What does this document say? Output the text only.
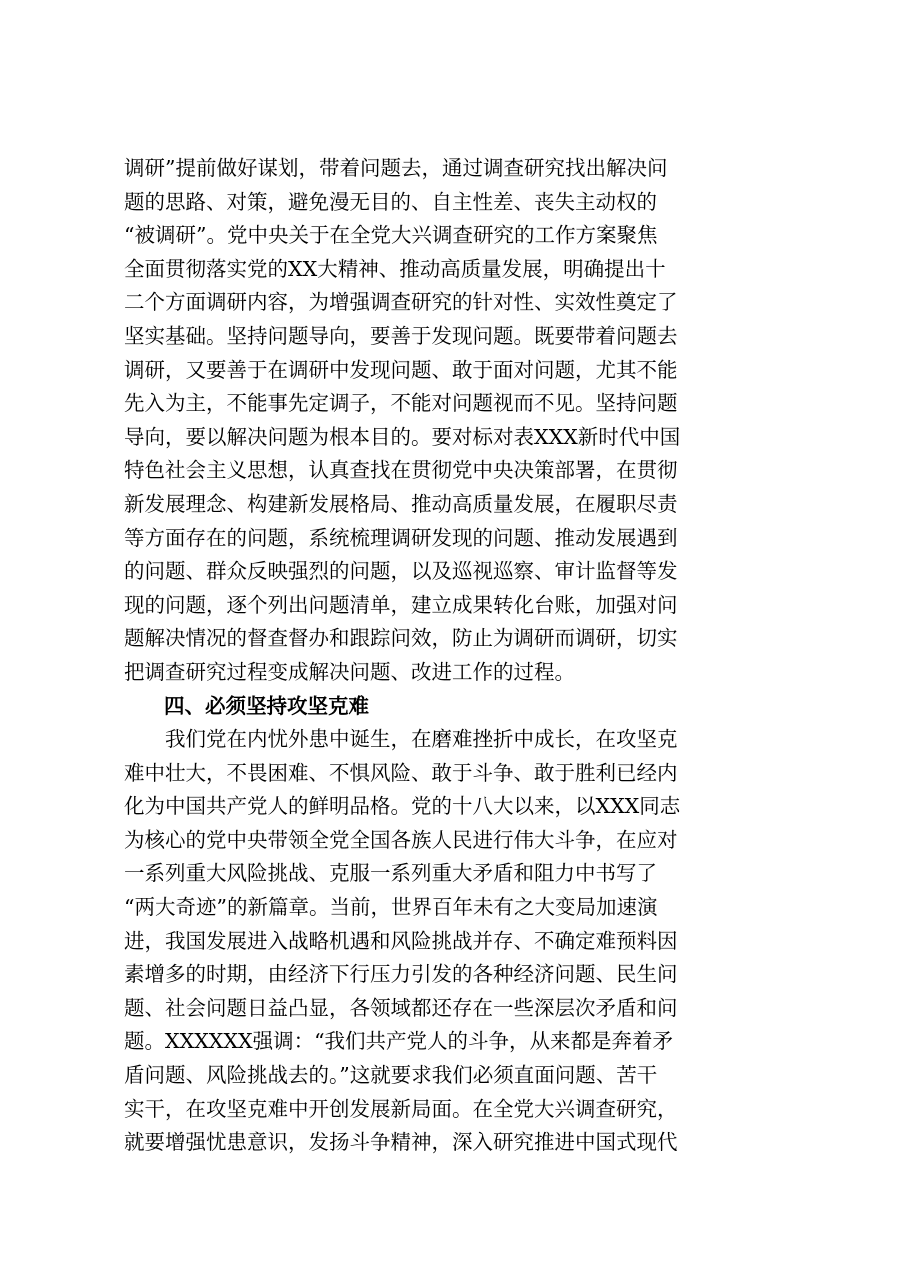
调研”提前做好谋划，带着问题去，通过调查研究找出解决问
题的思路、对策，避免漫无目的、自主性差、丧失主动权的
“被调研”。党中央关于在全党大兴调查研究的工作方案聚焦
全面贯彻落实党的XX大精神、推动高质量发展，明确提出十
二个方面调研内容，为增强调查研究的针对性、实效性奠定了
坚实基础。坚持问题导向，要善于发现问题。既要带着问题去
调研，又要善于在调研中发现问题、敢于面对问题，尤其不能
先入为主，不能事先定调子，不能对问题视而不见。坚持问题
导向，要以解决问题为根本目的。要对标对表XXX新时代中国
特色社会主义思想，认真查找在贯彻党中央决策部署，在贯彻
新发展理念、构建新发展格局、推动高质量发展，在履职尽责
等方面存在的问题，系统梳理调研发现的问题、推动发展遇到
的问题、群众反映强烈的问题，以及巡视巡察、审计监督等发
现的问题，逐个列出问题清单，建立成果转化台账，加强对问
题解决情况的督查督办和跟踪问效，防止为调研而调研，切实
把调查研究过程变成解决问题、改进工作的过程。
四、必须坚持攻坚克难
我们党在内忧外患中诞生，在磨难挫折中成长，在攻坚克
难中壮大，不畏困难、不惧风险、敢于斗争、敢于胜利已经内
化为中国共产党人的鲜明品格。党的十八大以来，以XXX同志
为核心的党中央带领全党全国各族人民进行伟大斗争，在应对
一系列重大风险挑战、克服一系列重大矛盾和阻力中书写了
“两大奇迹”的新篇章。当前，世界百年未有之大变局加速演
进，我国发展进入战略机遇和风险挑战并存、不确定难预料因
素增多的时期，由经济下行压力引发的各种经济问题、民生问
题、社会问题日益凸显，各领域都还存在一些深层次矛盾和问
题。XXXXXX强调：“我们共产党人的斗争，从来都是奔着矛
盾问题、风险挑战去的。”这就要求我们必须直面问题、苦干
实干，在攻坚克难中开创发展新局面。在全党大兴调查研究，
就要增强忧患意识，发扬斗争精神，深入研究推进中国式现代
